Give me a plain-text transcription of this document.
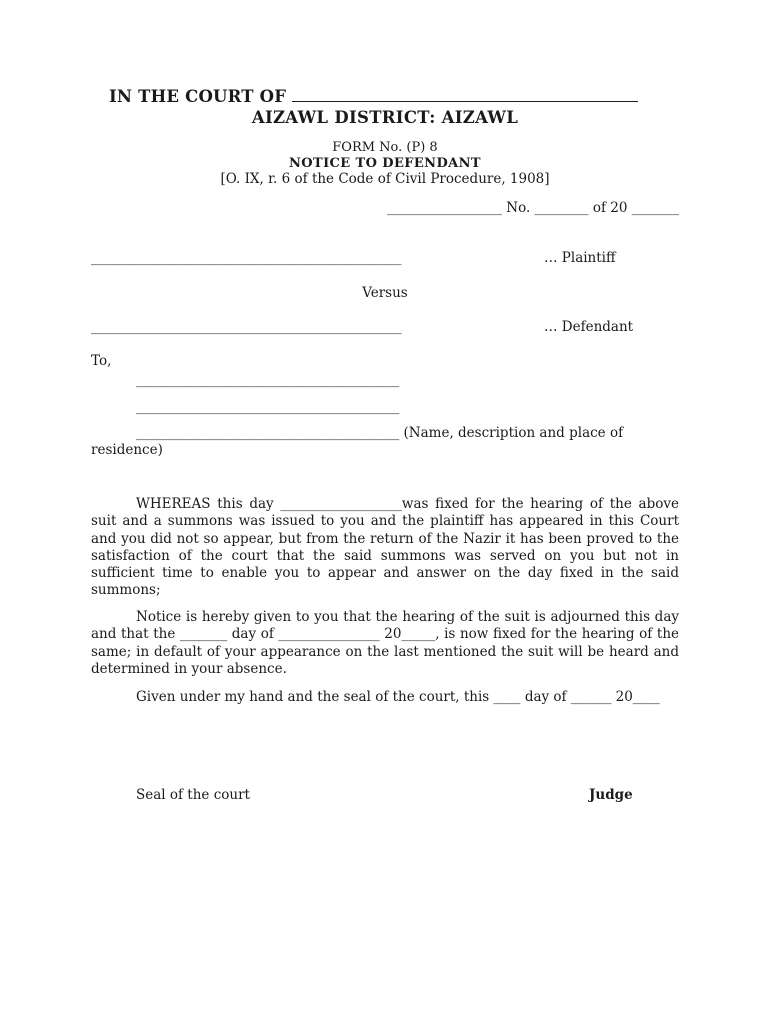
IN THE COURT OF
AIZAWL DISTRICT: AIZAWL
FORM No. (P) 8
NOTICE TO DEFENDANT
[O. IX, r. 6 of the Code of Civil Procedure, 1908]
_________________ No. ________ of 20 _______
______________________________________________	… Plaintiff
Versus
______________________________________________	… Defendant
To,
_______________________________________
_______________________________________
_______________________________________ (Name, description and place of
residence)
WHEREAS this day __________________was fixed for the hearing of the above suit and a summons was issued to you and the plaintiff has appeared in this Court and you did not so appear, but from the return of the Nazir it has been proved to the satisfaction of the court that the said summons was served on you but not in sufficient time to enable you to appear and answer on the day fixed in the said summons;
Notice is hereby given to you that the hearing of the suit is adjourned this day and that the _______ day of _______________ 20_____, is now fixed for the hearing of the same; in default of your appearance on the last mentioned the suit will be heard and determined in your absence.
Given under my hand and the seal of the court, this ____ day of ______ 20____
Seal of the court	Judge
